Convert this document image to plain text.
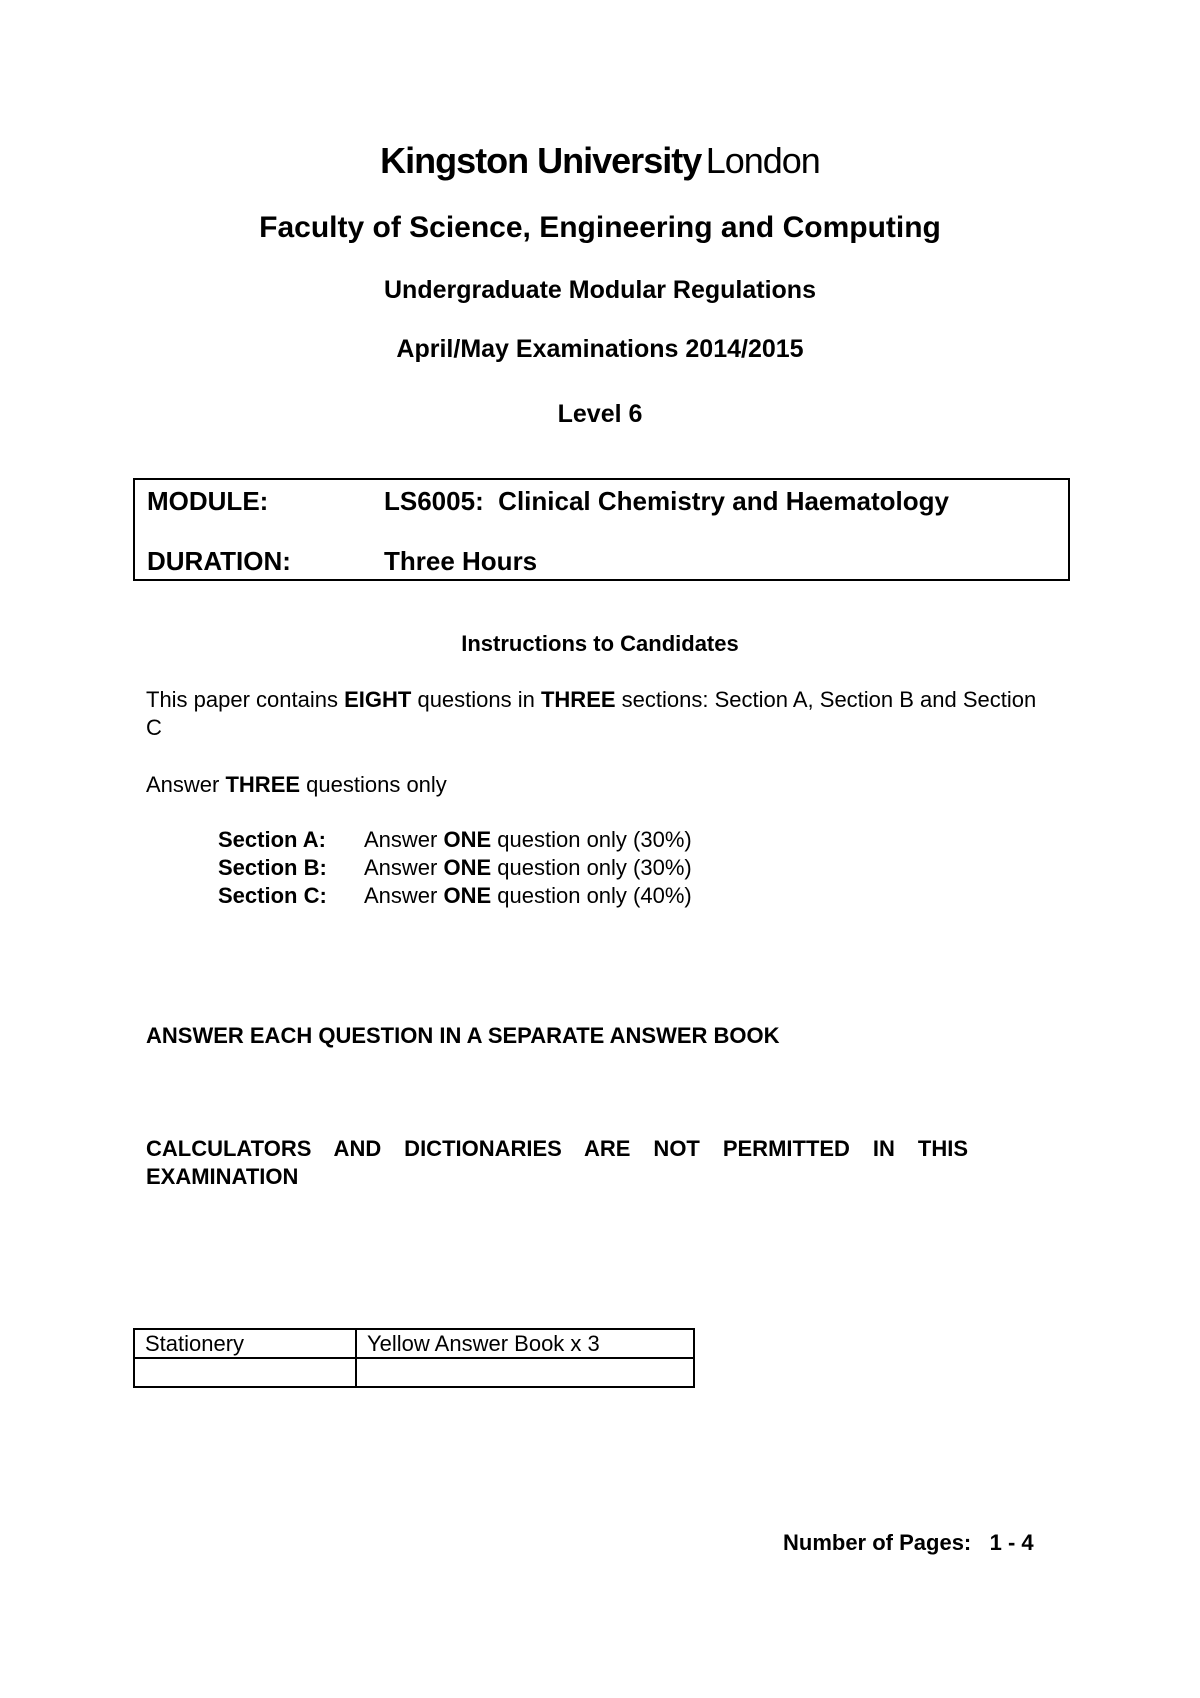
Kingston University London
Faculty of Science, Engineering and Computing
Undergraduate Modular Regulations
April/May Examinations 2014/2015
Level 6
MODULE:	LS6005:  Clinical Chemistry and Haematology
DURATION:	Three Hours
Instructions to Candidates
This paper contains EIGHT questions in THREE sections: Section A, Section B and Section C
Answer THREE questions only
Section A: Answer ONE question only (30%)
Section B: Answer ONE question only (30%)
Section C: Answer ONE question only (40%)
ANSWER EACH QUESTION IN A SEPARATE ANSWER BOOK
CALCULATORS AND DICTIONARIES ARE NOT PERMITTED IN THIS EXAMINATION
Stationery	Yellow Answer Book x 3

Number of Pages: 1 - 4
